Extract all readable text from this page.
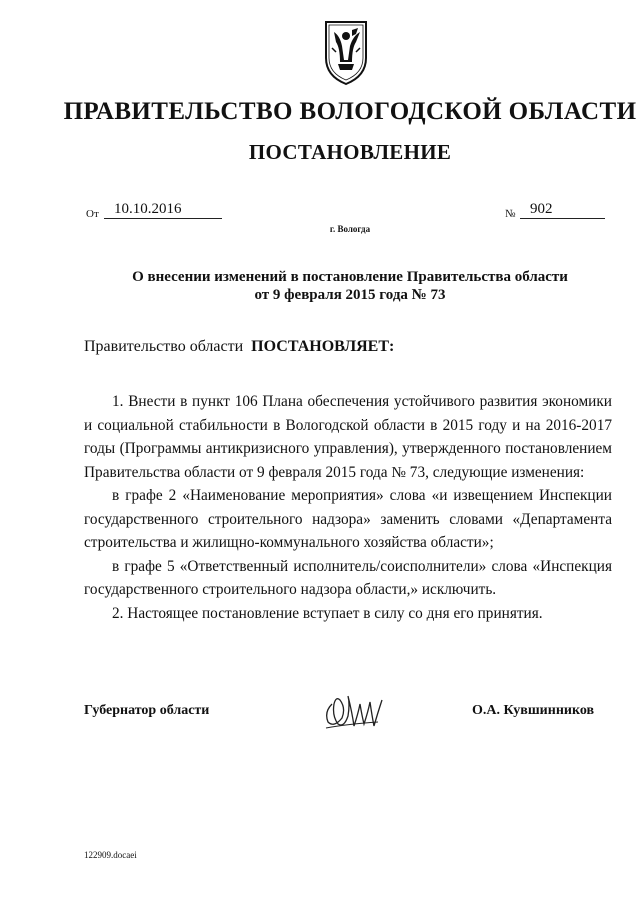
ПРАВИТЕЛЬСТВО ВОЛОГОДСКОЙ ОБЛАСТИ
ПОСТАНОВЛЕНИЕ
От	10.10.2016	№ 902
г. Вологда
О внесении изменений в постановление Правительства области
от 9 февраля 2015 года № 73
Правительство области ПОСТАНОВЛЯЕТ:

1. Внести в пункт 106 Плана обеспечения устойчивого развития экономики и социальной стабильности в Вологодской области в 2015 году и на 2016-2017 годы (Программы антикризисного управления), утвержденного постановлением Правительства области от 9 февраля 2015 года № 73, следующие изменения:

в графе 2 «Наименование мероприятия» слова «и извещением Инспекции государственного строительного надзора» заменить словами «Департамента строительства и жилищно-коммунального хозяйства области»;

в графе 5 «Ответственный исполнитель/соисполнители» слова «Инспекция государственного строительного надзора области,» исключить.

2. Настоящее постановление вступает в силу со дня его принятия.

Губернатор области	О.А. Кувшинников
122909.docaei
